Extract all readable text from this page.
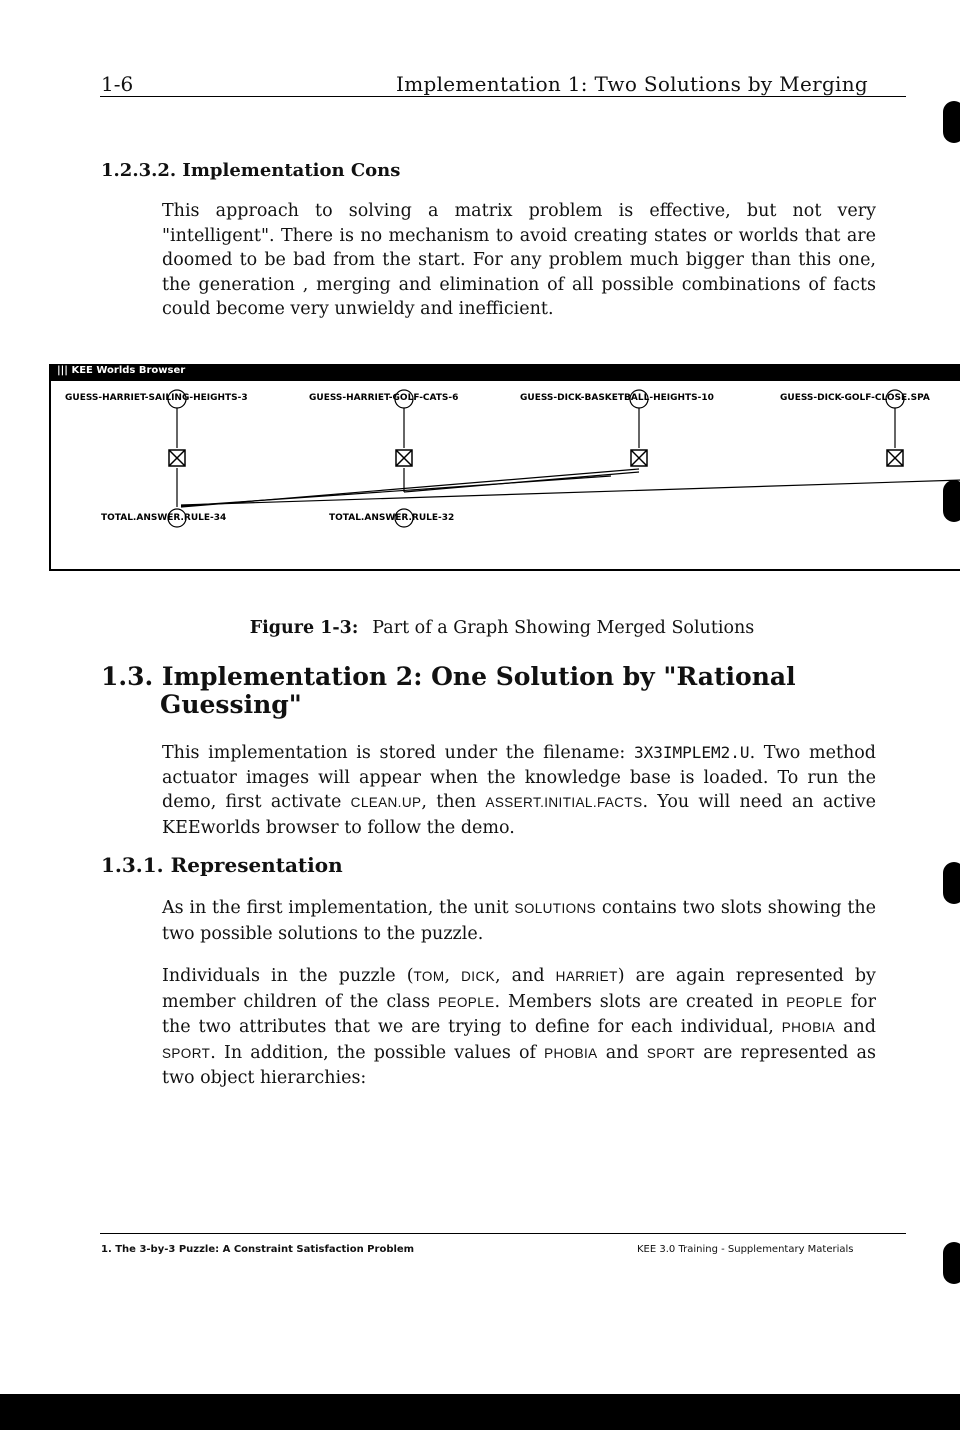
1-6	Implementation 1: Two Solutions by Merging
1.2.3.2. Implementation Cons
This approach to solving a matrix problem is effective, but not very "intelligent". There is no mechanism to avoid creating states or worlds that are doomed to be bad from the start. For any problem much bigger than this one, the generation , merging and elimination of all possible combinations of facts could become very unwieldy and inefficient.
||| KEE Worlds Browser
GUESS-HARRIET-SAILING-HEIGHTS-3	GUESS-HARRIET-GOLF-CATS-6	GUESS-DICK-BASKETBALL-HEIGHTS-10	GUESS-DICK-GOLF-CLOSE.SPA
TOTAL.ANSWER.RULE-34	TOTAL.ANSWER.RULE-32
Figure 1-3: Part of a Graph Showing Merged Solutions
1.3. Implementation 2: One Solution by "Rational
Guessing"
This implementation is stored under the filename: 3X3IMPLEM2.U. Two method actuator images will appear when the knowledge base is loaded. To run the demo, first activate CLEAN.UP, then ASSERT.INITIAL.FACTS. You will need an active KEEworlds browser to follow the demo.
1.3.1. Representation
As in the first implementation, the unit SOLUTIONS contains two slots showing the two possible solutions to the puzzle.
Individuals in the puzzle (TOM, DICK, and HARRIET) are again represented by member children of the class PEOPLE. Members slots are created in PEOPLE for the two attributes that we are trying to define for each individual, PHOBIA and SPORT. In addition, the possible values of PHOBIA and SPORT are represented as two object hierarchies:
1. The 3-by-3 Puzzle: A Constraint Satisfaction Problem	KEE 3.0 Training - Supplementary Materials
